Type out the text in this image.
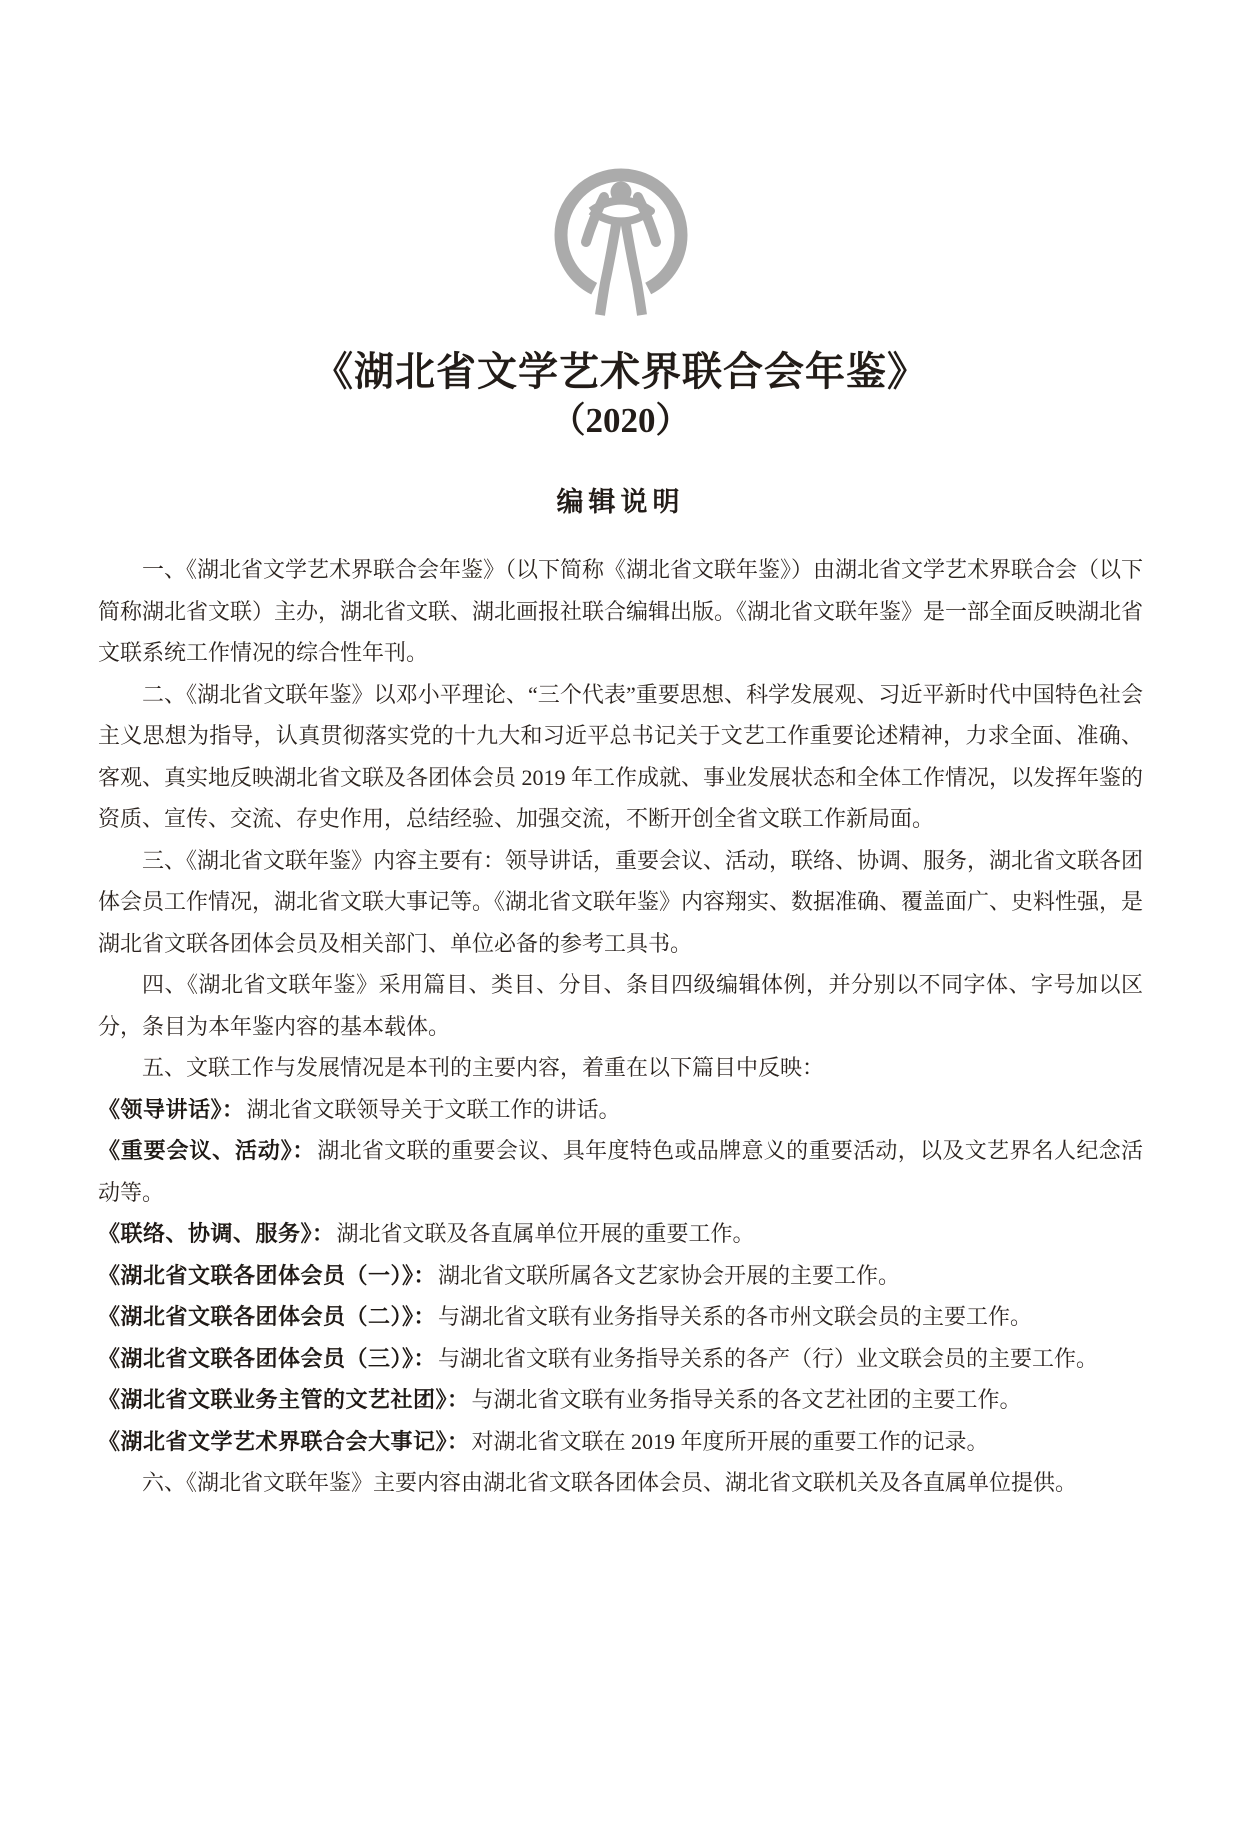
《湖北省文学艺术界联合会年鉴》
（2020）
编辑说明

一、《湖北省文学艺术界联合会年鉴》（以下简称《湖北省文联年鉴》）由湖北省文学艺术界联合会（以下简称湖北省文联）主办，湖北省文联、湖北画报社联合编辑出版。《湖北省文联年鉴》是一部全面反映湖北省文联系统工作情况的综合性年刊。

二、《湖北省文联年鉴》以邓小平理论、“三个代表”重要思想、科学发展观、习近平新时代中国特色社会主义思想为指导，认真贯彻落实党的十九大和习近平总书记关于文艺工作重要论述精神，力求全面、准确、客观、真实地反映湖北省文联及各团体会员 2019 年工作成就、事业发展状态和全体工作情况，以发挥年鉴的资质、宣传、交流、存史作用，总结经验、加强交流，不断开创全省文联工作新局面。

三、《湖北省文联年鉴》内容主要有：领导讲话，重要会议、活动，联络、协调、服务，湖北省文联各团体会员工作情况，湖北省文联大事记等。《湖北省文联年鉴》内容翔实、数据准确、覆盖面广、史料性强，是湖北省文联各团体会员及相关部门、单位必备的参考工具书。

四、《湖北省文联年鉴》采用篇目、类目、分目、条目四级编辑体例，并分别以不同字体、字号加以区分，条目为本年鉴内容的基本载体。

五、文联工作与发展情况是本刊的主要内容，着重在以下篇目中反映：

《领导讲话》：湖北省文联领导关于文联工作的讲话。

《重要会议、活动》：湖北省文联的重要会议、具年度特色或品牌意义的重要活动，以及文艺界名人纪念活动等。

《联络、协调、服务》：湖北省文联及各直属单位开展的重要工作。

《湖北省文联各团体会员（一）》：湖北省文联所属各文艺家协会开展的主要工作。

《湖北省文联各团体会员（二）》：与湖北省文联有业务指导关系的各市州文联会员的主要工作。

《湖北省文联各团体会员（三）》：与湖北省文联有业务指导关系的各产（行）业文联会员的主要工作。

《湖北省文联业务主管的文艺社团》：与湖北省文联有业务指导关系的各文艺社团的主要工作。

《湖北省文学艺术界联合会大事记》：对湖北省文联在 2019 年度所开展的重要工作的记录。

六、《湖北省文联年鉴》主要内容由湖北省文联各团体会员、湖北省文联机关及各直属单位提供。
